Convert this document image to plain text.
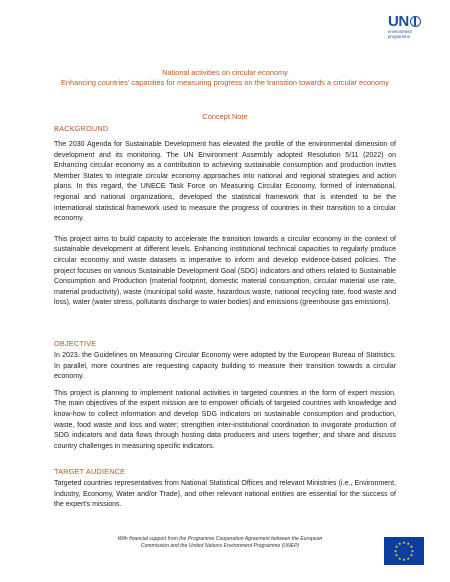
UN
environment programme
National activities on circular economy
Enhancing countries' capacities for measuring progress on the transition towards a circular economy
Concept Note
BACKGROUND

The 2030 Agenda for Sustainable Development has elevated the profile of the environmental dimension of development and its monitoring. The UN Environment Assembly adopted Resolution 5/11 (2022) on Enhancing circular economy as a contribution to achieving sustainable consumption and production invites Member States to integrate circular economy approaches into national and regional strategies and action plans. In this regard, the UNECE Task Force on Measuring Circular Economy, formed of international, regional and national organizations, developed the statistical framework that is intended to be the international statistical framework used to measure the progress of countries in their transition to a circular economy.

This project aims to build capacity to accelerate the transition towards a circular economy in the context of sustainable development at different levels. Enhancing institutional technical capacities to regularly produce circular economy and waste datasets is imperative to inform and develop evidence-based policies. The project focuses on various Sustainable Development Goal (SDG) indicators and others related to Sustainable Consumption and Production (material footprint, domestic material consumption, circular material use rate, material productivity), waste (municipal solid waste, hazardous waste, national recycling rate, food waste and loss), water (water stress, pollutants discharge to water bodies) and emissions (greenhouse gas emissions).

OBJECTIVE

In 2023, the Guidelines on Measuring Circular Economy were adopted by the European Bureau of Statistics. In parallel, more countries are requesting capacity building to measure their transition towards a circular economy.

This project is planning to implement national activities in targeted countries in the form of expert mission. The main objectives of the expert mission are to empower officials of targeted countries with knowledge and know-how to collect information and develop SDG indicators on sustainable consumption and production, waste, food waste and loss and water; strengthen inter-institutional coordination to invigorate production of SDG indicators and data flows through hosting data producers and users together; and share and discuss country challenges in measuring specific indicators.

TARGET AUDIENCE

Targeted countries representatives from National Statistical Offices and relevant Ministries (i.e., Environment, Industry, Economy, Water and/or Trade), and other relevant national entities are essential for the success of the expert's missions.

With financial support from the Programme Cooperation Agreement between the European
Commission and the United Nations Environment Programme (UNEP)
★ ★
★
★
★
★
★
★
★
★
★
★
